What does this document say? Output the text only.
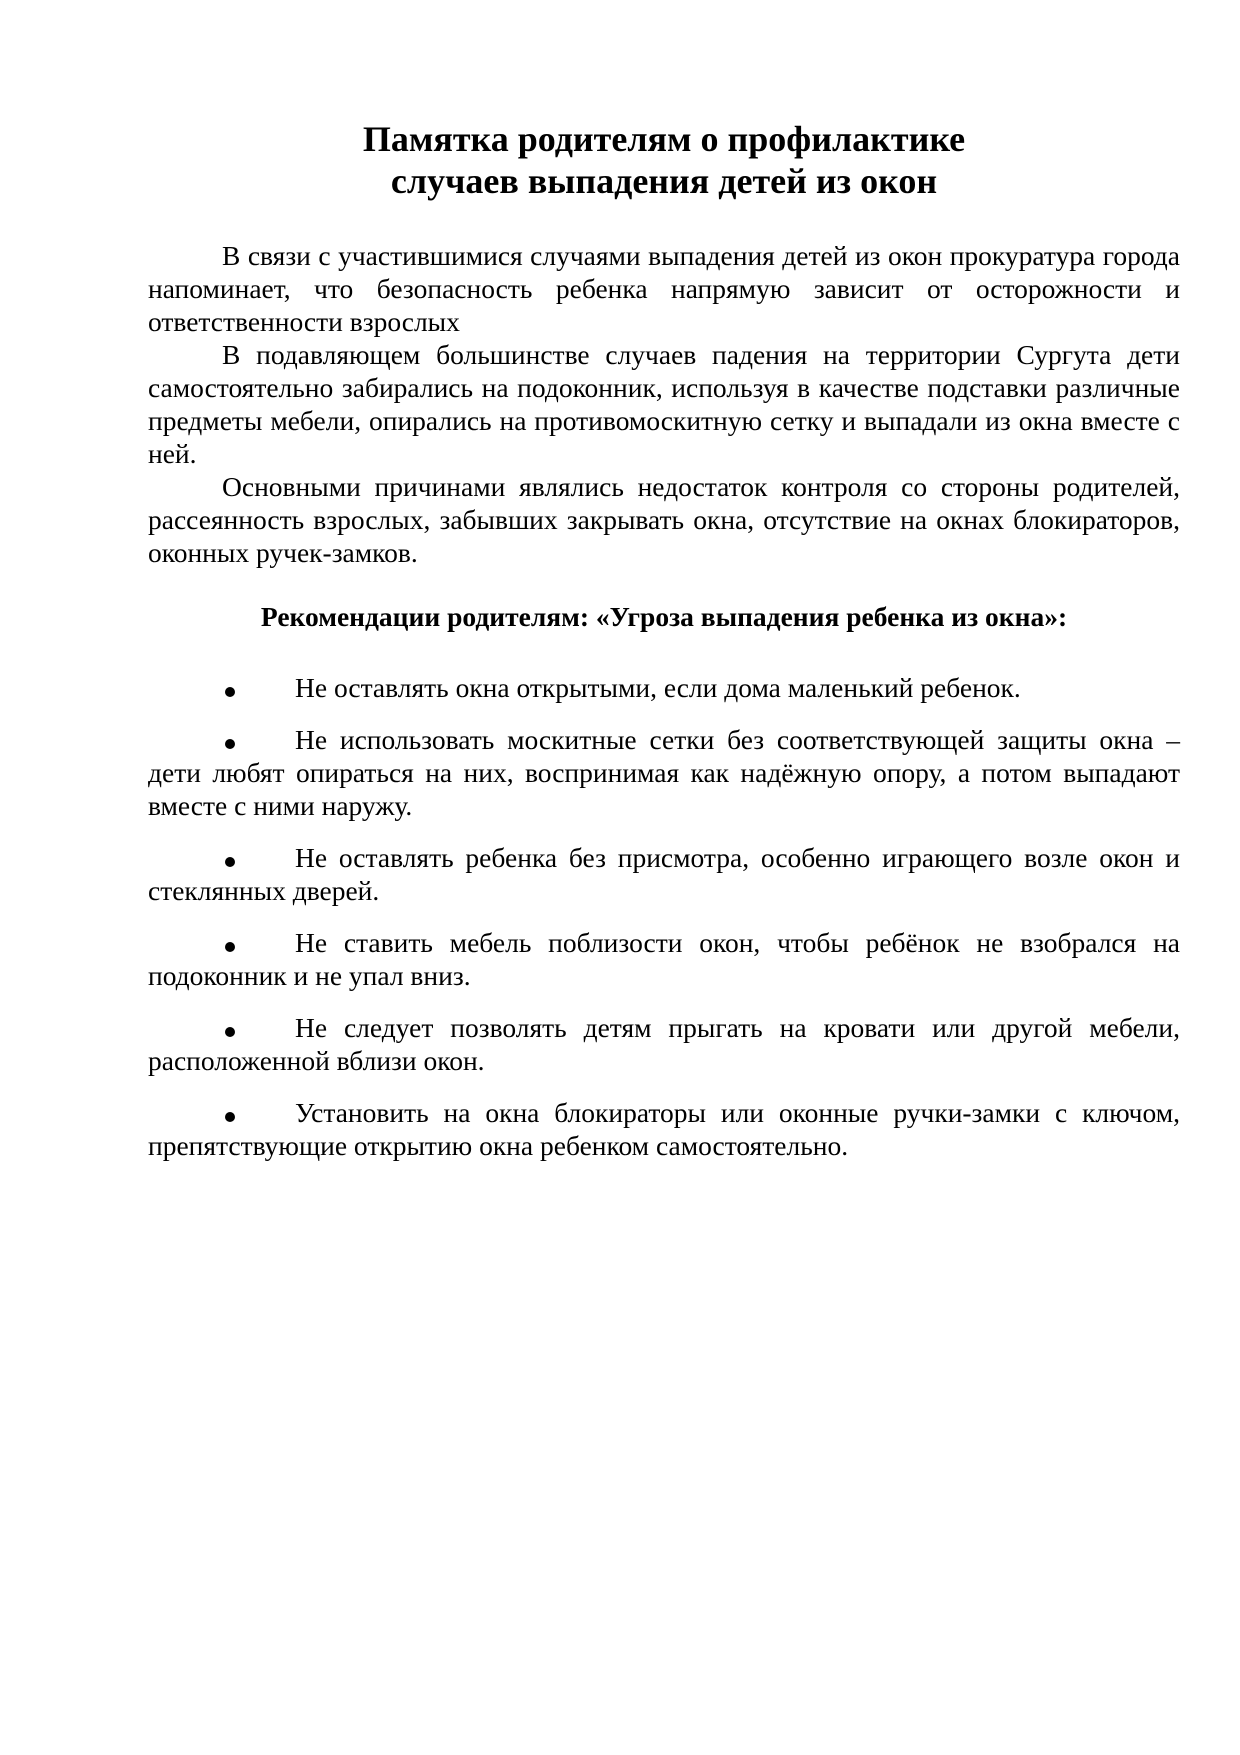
Памятка родителям о профилактике
случаев выпадения детей из окон

В связи с участившимися случаями выпадения детей из окон прокуратура города напоминает, что безопасность ребенка напрямую зависит от осторожности и ответственности взрослых

В подавляющем большинстве случаев падения на территории Сургута дети самостоятельно забирались на подоконник, используя в качестве подставки различные предметы мебели, опирались на противомоскитную сетку и выпадали из окна вместе с ней.

Основными причинами являлись недостаток контроля со стороны родителей, рассеянность взрослых, забывших закрывать окна, отсутствие на окнах блокираторов, оконных ручек-замков.

Рекомендации родителям: «Угроза выпадения ребенка из окна»:
Не оставлять окна открытыми, если дома маленький ребенок.
Не использовать москитные сетки без соответствующей защиты окна – дети любят опираться на них, воспринимая как надёжную опору, а потом выпадают вместе с ними наружу.
Не оставлять ребенка без присмотра, особенно играющего возле окон и стеклянных дверей.
Не ставить мебель поблизости окон, чтобы ребёнок не взобрался на подоконник и не упал вниз.
Не следует позволять детям прыгать на кровати или другой мебели, расположенной вблизи окон.
Установить на окна блокираторы или оконные ручки-замки с ключом, препятствующие открытию окна ребенком самостоятельно.
